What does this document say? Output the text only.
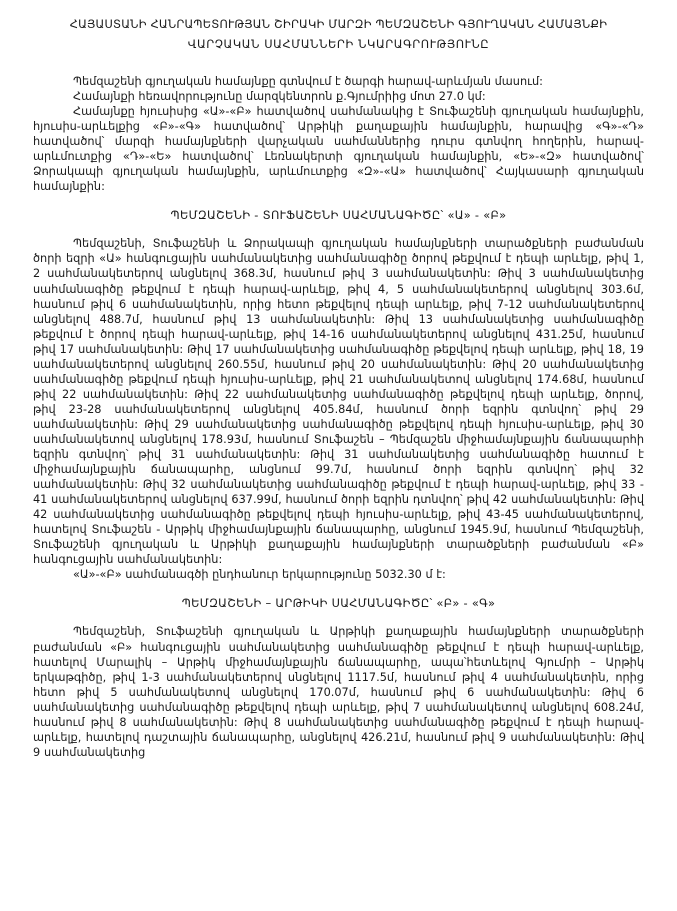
ՀԱՅԱՍՏԱՆԻ ՀԱՆՐԱՊԵՏՈՒԹՅԱՆ ՇԻՐԱԿԻ ՄԱՐԶԻ ՊԵՄԶԱՇԵՆԻ ԳՅՈՒՂԱԿԱՆ ՀԱՄԱՅՆՔԻ
ՎԱՐՉԱԿԱՆ ՍԱՀՄԱՆՆԵՐԻ ՆԿԱՐԱԳՐՈՒԹՅՈՒՆԸ

Պեմզաշենի գյուղական համայնքը գտնվում է ծարգի հարավ-արևմյան մասում:

Համայնքի հեռավորությունը մարզկենտրոն ք.Գյումրիից մոտ 27.0 կմ:

Համայնքը հյուսիսից «Ա»-«Բ» հատվածով սահմանակից է Տուֆաշենի գյուղական համայնքին, հյուսիս-արևելքից «Բ»-«Գ» հատվածով՝ Արթիկի քաղաքային համայնքին, հարավից «Գ»-«Դ» հատվածով՝ մարզի համայնքների վարչական սահմաններից դուրս գտնվող հողերին, հարավ-արևմուտքից «Դ»-«Ե» հատվածով՝ Լեռնակերտի գյուղական համայնքին, «Ե»-«Զ» հատվածով՝ Ձորակապի գյուղական համայնքին, արևմուտքից «Զ»-«Ա» հատվածով՝ Հայկասարի գյուղական համայնքին:

ՊԵՄԶԱՇԵՆԻ - ՏՈՒՖԱՇԵՆԻ ՍԱՀՄԱՆԱԳԻԾԸ՝ «Ա» - «Բ»

Պեմզաշենի, Տուֆաշենի և Ձորակապի գյուղական համայնքների տարածքների բաժանման ծորի եզրի «Ա» հանգուցային սահմանակետից սահմանագիծը ծորով թեքվում է դեպի արևելք, թիվ 1, 2 սահմանակետերով անցնելով 368.3մ, հասնում թիվ 3 սահմանակետին: Թիվ 3 սահմանակետից սահմանագիծը թեքվում է դեպի հարավ-արևելք, թիվ 4, 5 սահմանակետերով անցնելով 303.6մ, հասնում թիվ 6 սահմանակետին, որից հետո թեքվելով դեպի արևելք, թիվ 7-12 սահմանակետերով անցնելով 488.7մ, հասնում թիվ 13 սահմանակետին: Թիվ 13 սահմանակետից սահմանագիծը թեքվում է ծորով դեպի հարավ-արևելք, թիվ 14-16 սահմանակետերով անցնելով 431.25մ, հասնում թիվ 17 սահմանակետին: Թիվ 17 սահմանակետից սահմանագիծը թեքվելով դեպի արևելք, թիվ 18, 19 սահմանակետերով անցնելով 260.55մ, հասնում թիվ 20 սահմանակետին: Թիվ 20 սահմանակետից սահմանագիծը թեքվում դեպի հյուսիս-արևելք, թիվ 21 սահմանակետով անցնելով 174.68մ, հասնում թիվ 22 սահմանակետին: Թիվ 22 սահմանակետից սահմանագիծը թեքվելով դեպի արևելք, ծորով, թիվ 23-28 սահմանակետերով անցնելով 405.84մ, հասնում ծորի եզրին գտնվող՝ թիվ 29 սահմանակետին: Թիվ 29 սահմանակետից սահմանագիծը թեքվելով դեպի հյուսիս-արևելք, թիվ 30 սահմանակետով անցնելով 178.93մ, հասնում Տուֆաշեն – Պեմզաշեն միջհամայնքային ճանապարհի եզրին գտնվող՝ թիվ 31 սահմանակետին: Թիվ 31 սահմանակետից սահմանագիծը հատում է միջհամայնքային ճանապարհը, անցնում 99.7մ, հասնում ծորի եզրին գտնվող՝ թիվ 32 սահմանակետին: Թիվ 32 սահմանակետից սահմանագիծը թեքվում է դեպի հարավ-արևելք, թիվ 33 - 41 սահմանակետերով անցնելով 637.99մ, հասնում ծորի եզրին դտնվող՝ թիվ 42 սահմանակետին: Թիվ 42 սահմանակետից սահմանագիծը թեքվելով դեպի հյուսիս-արևելք, թիվ 43-45 սահմանակետերով, հատելով Տուֆաշեն - Արթիկ միջհամայնքային ճանապարհը, անցնում 1945.9մ, հասնում Պեմզաշենի, Տուֆաշենի գյուղական և Արթիկի քաղաքային համայնքների տարածքների բաժանման «Բ» հանգուցային սահմանակետին:

«Ա»-«Բ» սահմանագծի ընդհանուր երկարությունը 5032.30 մ է:

ՊԵՄԶԱՇԵՆԻ – ԱՐԹԻԿԻ ՍԱՀՄԱՆԱԳԻԾԸ՝ «Բ» - «Գ»

Պեմզաշենի, Տուֆաշենի գյուղական և Արթիկի քաղաքային համայնքների տարածքների բաժանման «Բ» հանգուցային սահմանակետից սահմանագիծը թեքվում է դեպի հարավ-արևելք, հատելով Մարալիկ – Արթիկ միջհամայնքային ճանապարհը, ապա՝հետևելով Գյումրի – Արթիկ երկաթգիծը, թիվ 1-3 սահմանակետերով սնցնելով 1117.5մ, հասնում թիվ 4 սահմանակետին, որից հետո թիվ 5 սահմանակետով անցնելով 170.07մ, հասնում թիվ 6 սահմանակետին: Թիվ 6 սահմանակետից սահմանագիծը թեքվելով դեպի արևելք, թիվ 7 սահմանակետով անցնելով 608.24մ, հասնում թիվ 8 սահմանակետին: Թիվ 8 սահմանակետից սահմանագիծը թեքվում է դեպի հարավ-արևելք, հատելով դաշտային ճանապարհը, անցնելով 426.21մ, հասնում թիվ 9 սահմանակետին: Թիվ 9 սահմանակետից
